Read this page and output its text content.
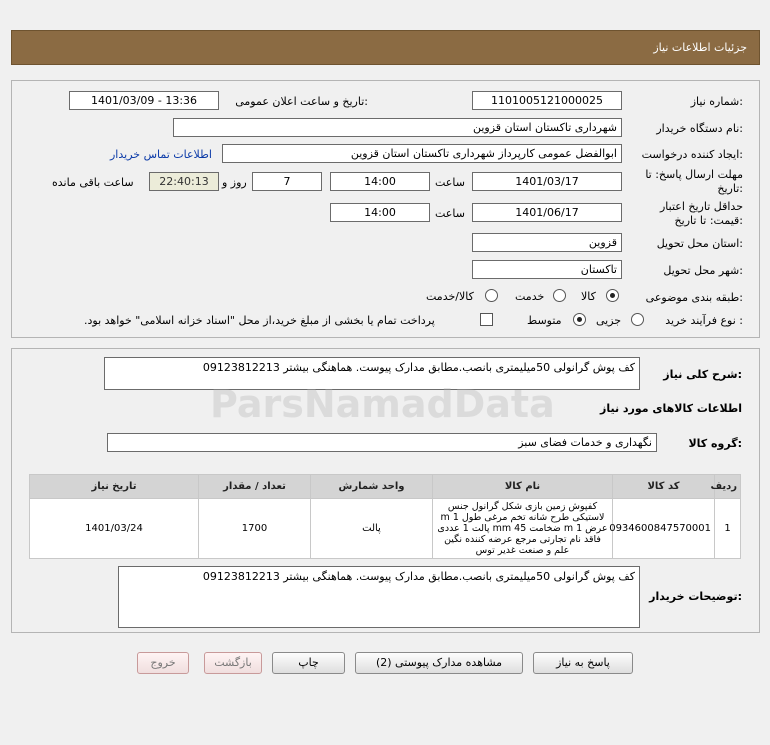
جزئیات اطلاعات نیاز
شماره نیاز:
1101005121000025
تاریخ و ساعت اعلان عمومی:
1401/03/09 - 13:36
نام دستگاه خریدار:
شهرداری تاکستان استان قزوین
ایجاد کننده درخواست:
ابوالفضل عمومی کارپرداز شهرداری تاکستان استان قزوین
اطلاعات تماس خریدار
مهلت ارسال پاسخ: تا
تاریخ:
1401/03/17
ساعت
14:00
7
روز و
22:40:13
ساعت باقی مانده
حداقل تاریخ اعتبار
قیمت: تا تاریخ:
1401/06/17
ساعت
14:00
استان محل تحویل:
قزوین
شهر محل تحویل:
تاکستان
طبقه بندی موضوعی:
کالا
خدمت
کالا/خدمت
نوع فرآیند خرید :
جزیی
متوسط
پرداخت تمام یا بخشی از مبلغ خرید،از محل "اسناد خزانه اسلامی" خواهد بود.
شرح کلی نیاز:
کف پوش گرانولی 50میلیمتری بانصب.مطابق مدارک پیوست. هماهنگی بیشتر 09123812213
اطلاعات کالاهای مورد نیاز
گروه کالا:
نگهداری و خدمات فضای سبز
ردیف	کد کالا	نام کالا	واحد شمارش	تعداد / مقدار	تاریخ نیاز
1	0934600847570001	کفپوش زمین بازی شکل گرانول جنس لاستیکی طرح شانه تخم مرغی طول 1 m عرض 1 m ضخامت 45 mm پالت 1 عددی فاقد نام تجارتی مرجع عرضه کننده نگین علم و صنعت غدیر توس	پالت	1700	1401/03/24
توضیحات خریدار:
کف پوش گرانولی 50میلیمتری بانصب.مطابق مدارک پیوست. هماهنگی بیشتر 09123812213
ParsNamadData
پاسخ به نیاز
مشاهده مدارک پیوستی (2)
چاپ
بازگشت
خروج
